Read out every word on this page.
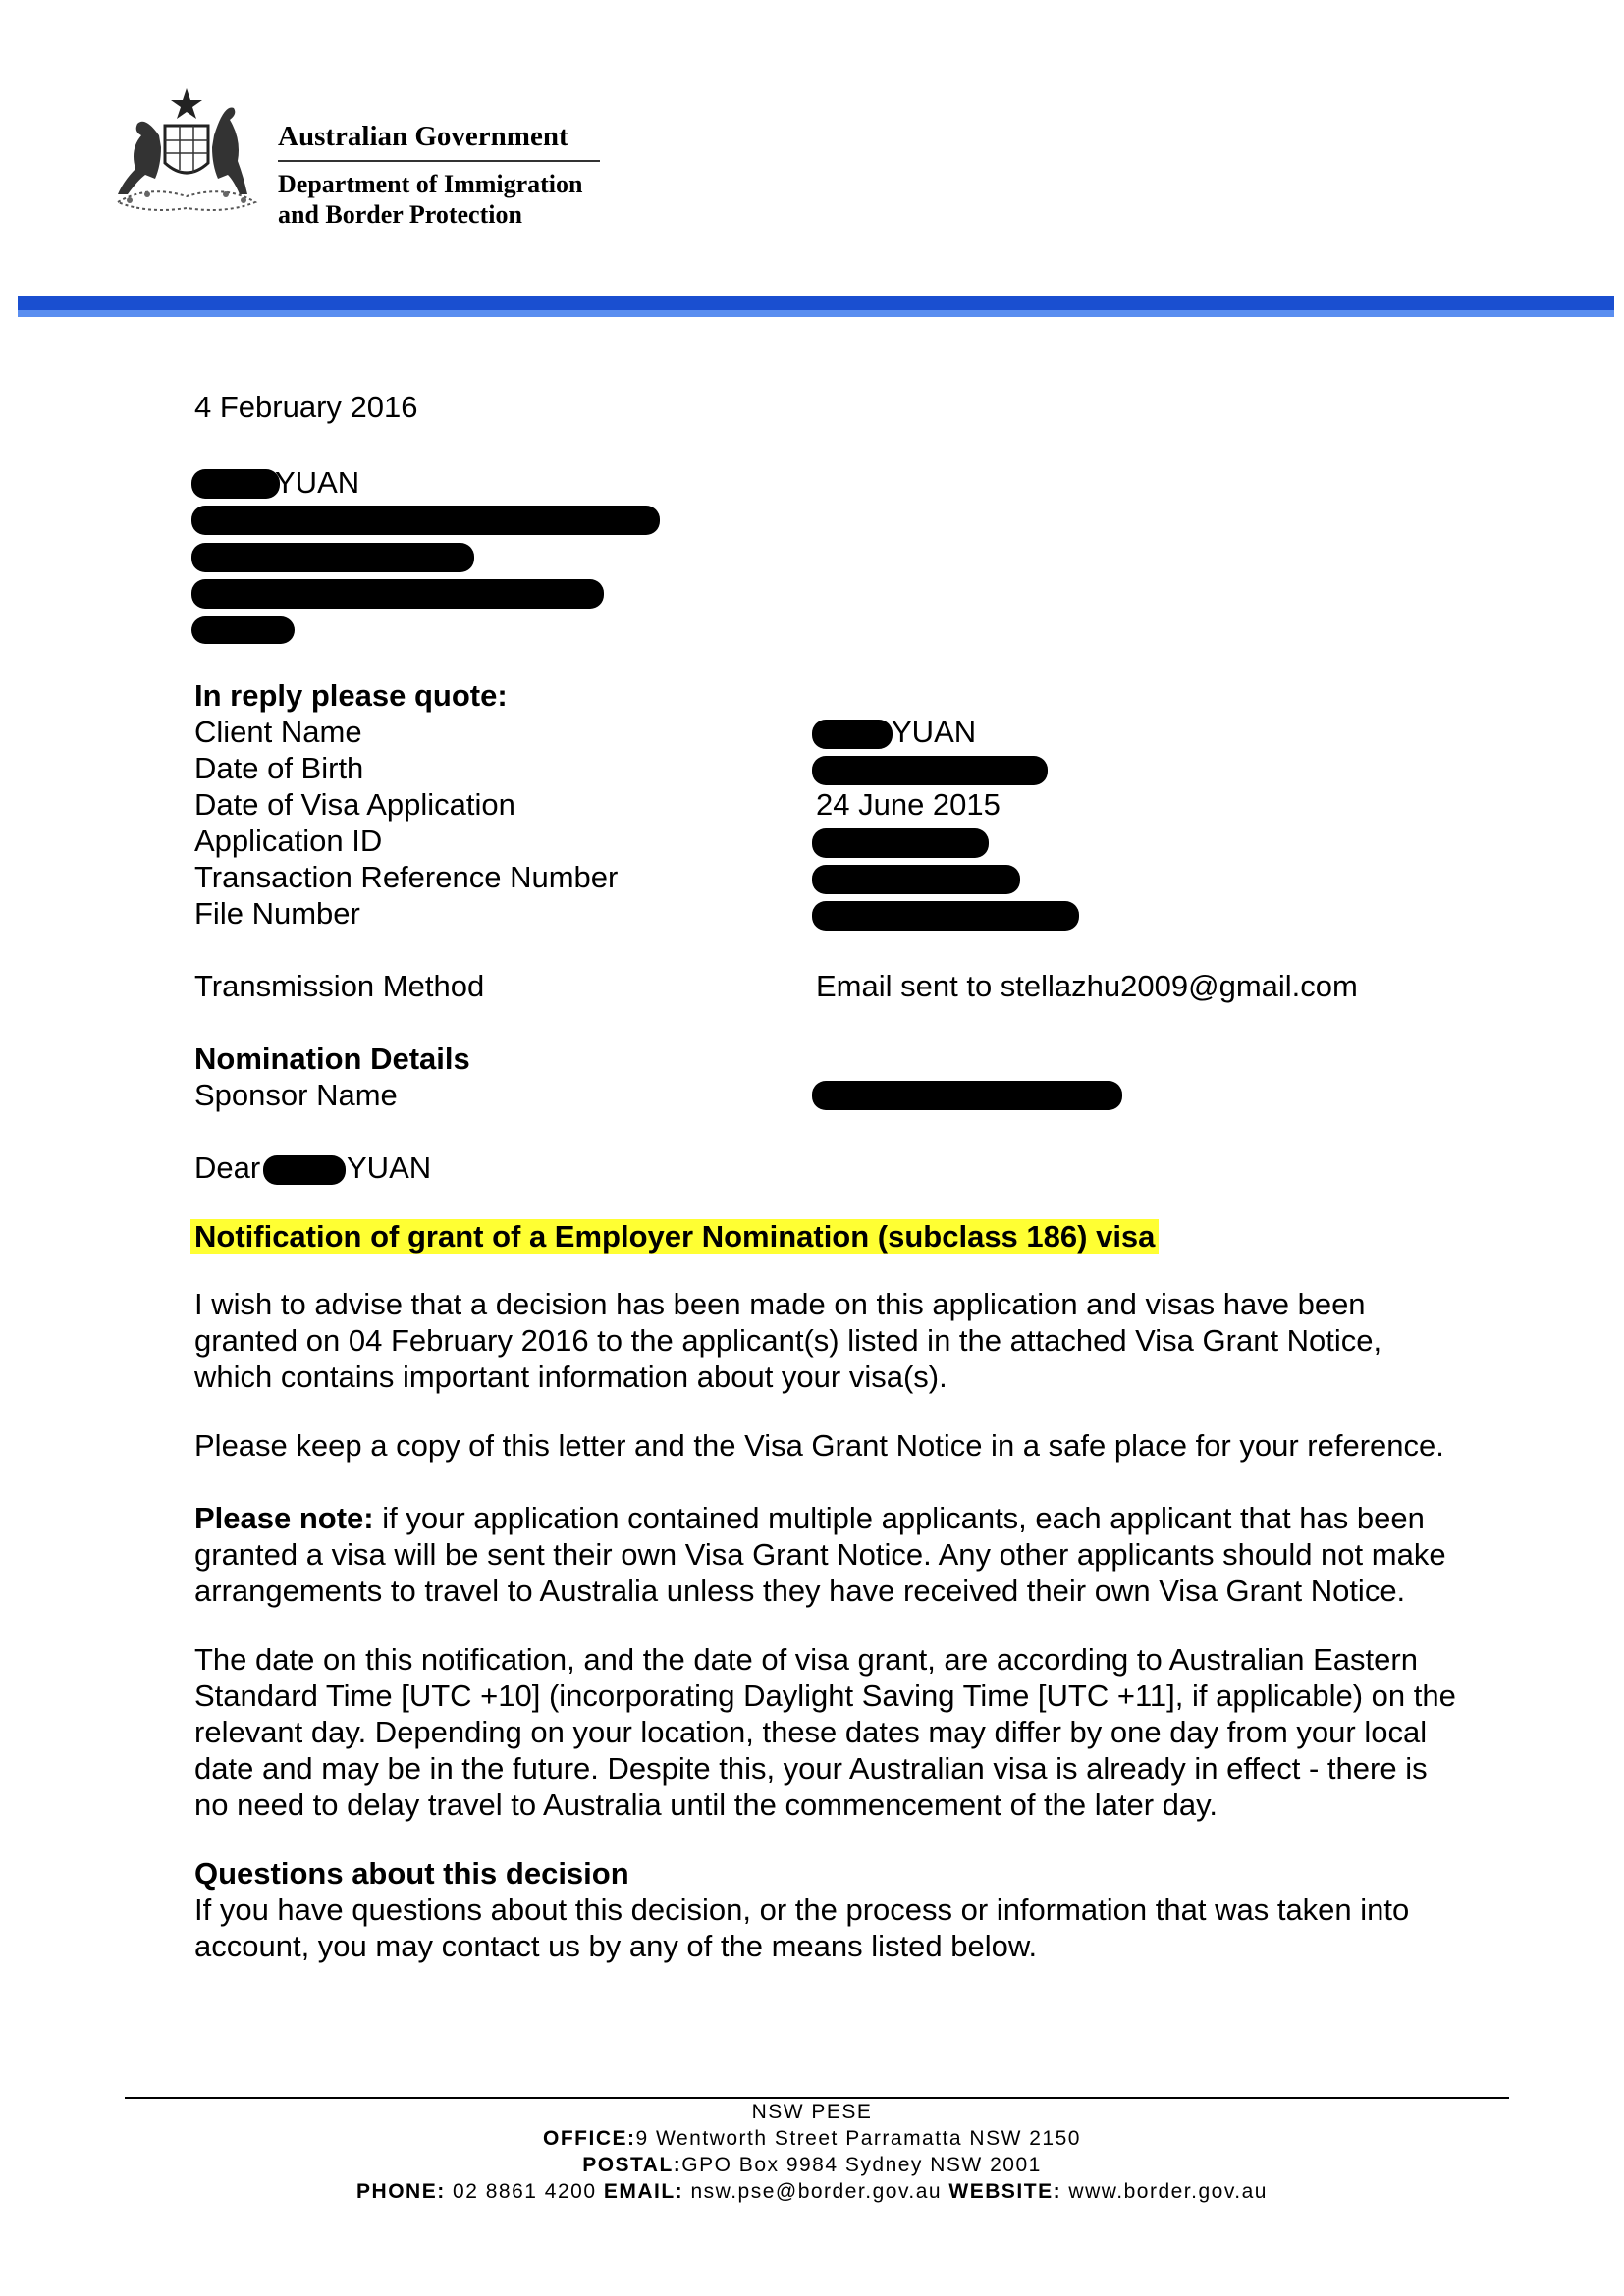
Australian Government
Department of Immigration
and Border Protection
4 February 2016
YUAN
In reply please quote:
Client Name	YUAN
Date of Birth
Date of Visa Application	24 June 2015
Application ID
Transaction Reference Number
File Number
Transmission Method	Email sent to stellazhu2009@gmail.com
Nomination Details
Sponsor Name
Dear	YUAN
Notification of grant of a Employer Nomination (subclass 186) visa
I wish to advise that a decision has been made on this application and visas have been granted on 04 February 2016 to the applicant(s) listed in the attached Visa Grant Notice, which contains important information about your visa(s).
Please keep a copy of this letter and the Visa Grant Notice in a safe place for your reference.
Please note: if your application contained multiple applicants, each applicant that has been granted a visa will be sent their own Visa Grant Notice. Any other applicants should not make arrangements to travel to Australia unless they have received their own Visa Grant Notice.
The date on this notification, and the date of visa grant, are according to Australian Eastern Standard Time [UTC +10] (incorporating Daylight Saving Time [UTC +11], if applicable) on the relevant day. Depending on your location, these dates may differ by one day from your local date and may be in the future. Despite this, your Australian visa is already in effect - there is no need to delay travel to Australia until the commencement of the later day.
Questions about this decision
If you have questions about this decision, or the process or information that was taken into account, you may contact us by any of the means listed below.
NSW PESE
OFFICE:9 Wentworth Street Parramatta NSW 2150
POSTAL:GPO Box 9984 Sydney NSW 2001
PHONE: 02 8861 4200 EMAIL: nsw.pse@border.gov.au WEBSITE: www.border.gov.au
